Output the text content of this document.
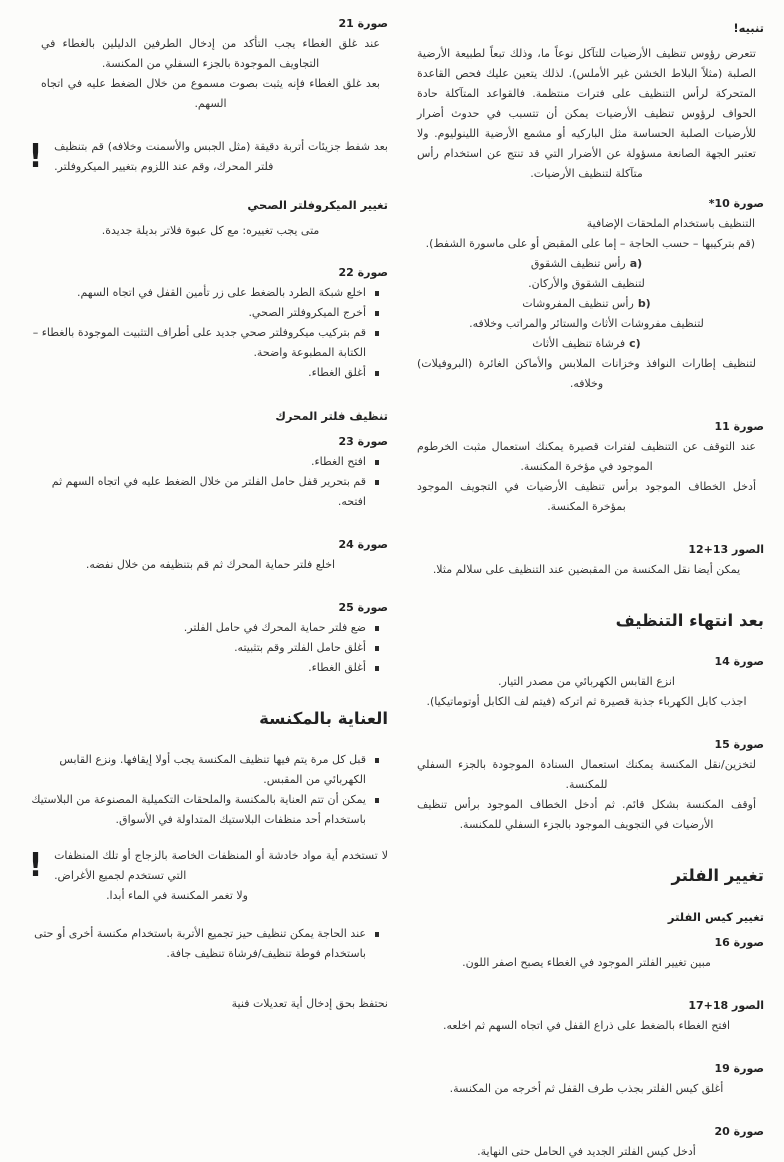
تنبيه!

تتعرض رؤوس تنظيف الأرضيات للتآكل نوعاً ما، وذلك تبعاً لطبيعة الأرضية الصلبة (مثلاً البلاط الخشن غير الأملس). لذلك يتعين عليك فحص القاعدة المتحركة لرأس التنظيف على فترات منتظمة. فالقواعد المتآكلة حادة الحواف لرؤوس تنظيف الأرضيات يمكن أن تتسبب في حدوث أضرار للأرضيات الصلبة الحساسة مثل الباركيه أو مشمع الأرضية اللينوليوم. ولا تعتبر الجهة الصانعة مسؤولة عن الأضرار التي قد تنتج عن استخدام رأس متآكلة لتنظيف الأرضيات.

صورة 10*
التنظيف باستخدام الملحقات الإضافية
(قم بتركيبها – حسب الحاجة – إما على المقبض أو على ماسورة الشفط).

a)رأس تنظيف الشقوق

لتنظيف الشقوق والأركان.

b)رأس تنظيف المفروشات

لتنظيف مفروشات الأثاث والستائر والمراتب وخلافه.

c)فرشاة تنظيف الأثاث

لتنظيف إطارات النوافذ وخزانات الملابس والأماكن الغائرة (البروفيلات) وخلافه.

صورة 11

عند التوقف عن التنظيف لفترات قصيرة يمكنك استعمال مثبت الخرطوم الموجود في مؤخرة المكنسة.

أدخل الخطاف الموجود برأس تنظيف الأرضيات في التجويف الموجود بمؤخرة المكنسة.

الصور 13+12

يمكن أيضا نقل المكنسة من المقبضين عند التنظيف على سلالم مثلا.

بعد انتهاء التنظيف
صورة 14

انزع القابس الكهربائي من مصدر التيار.

اجذب كابل الكهرباء جذبة قصيرة ثم اتركه (فيتم لف الكابل أوتوماتيكيا).

صورة 15

لتخزين/نقل المكنسة يمكنك استعمال السنادة الموجودة بالجزء السفلي للمكنسة.

أوقف المكنسة بشكل قائم. ثم أدخل الخطاف الموجود برأس تنظيف الأرضيات في التجويف الموجود بالجزء السفلي للمكنسة.

تغيير الفلتر
تغيير كيس الفلتر
صورة 16

مبين تغيير الفلتر الموجود في الغطاء يصبح اصفر اللون.

الصور 18+17

افتح الغطاء بالضغط على ذراع القفل في اتجاه السهم ثم اخلعه.

صورة 19

أغلق كيس الفلتر بجذب طرف القفل ثم أخرجه من المكنسة.

صورة 20

أدخل كيس الفلتر الجديد في الحامل حتى النهاية.

صورة 21

عند غلق الغطاء يجب التأكد من إدخال الطرفين الدليلين بالغطاء في التجاويف الموجودة بالجزء السفلي من المكنسة.

بعد غلق الغطاء فإنه يثبت بصوت مسموع من خلال الضغط عليه في اتجاه السهم.

! بعد شفط جزيئات أتربة دقيقة (مثل الجبس والأسمنت وخلافه) قم بتنظيف فلتر المحرك، وقم عند اللزوم بتغيير الميكروفلتر.

تغيير الميكروفلتر الصحي

متى يجب تغييره: مع كل عبوة فلاتر بديلة جديدة.

صورة 22
اخلع شبكة الطرد بالضغط على زر تأمين القفل في اتجاه السهم.
أخرج الميكروفلتر الصحي.
قم بتركيب ميكروفلتر صحي جديد على أطراف التثبيت الموجودة بالغطاء – الكتابة المطبوعة واضحة.
أغلق الغطاء.
تنظيف فلتر المحرك
صورة 23
افتح الغطاء.
قم بتحرير قفل حامل الفلتر من خلال الضغط عليه في اتجاه السهم ثم افتحه.
صورة 24

اخلع فلتر حماية المحرك ثم قم بتنظيفه من خلال نفضه.

صورة 25
ضع فلتر حماية المحرك في حامل الفلتر.
أغلق حامل الفلتر وقم بتثبيته.
أغلق الغطاء.
العناية بالمكنسة
قبل كل مرة يتم فيها تنظيف المكنسة يجب أولا إيقافها. ونزع القابس الكهربائي من المقبس.
يمكن أن تتم العناية بالمكنسة والملحقات التكميلية المصنوعة من البلاستيك باستخدام أحد منظفات البلاستيك المتداولة في الأسواق.
! لا تستخدم أية مواد خادشة أو المنظفات الخاصة بالزجاج أو تلك المنظفات التي تستخدم لجميع الأغراض.

ولا تغمر المكنسة في الماء أبدا.

عند الحاجة يمكن تنظيف حيز تجميع الأتربة باستخدام مكنسة أخرى أو حتى باستخدام فوطة تنظيف/فرشاة تنظيف جافة.
نحتفظ بحق إدخال أية تعديلات فنية
